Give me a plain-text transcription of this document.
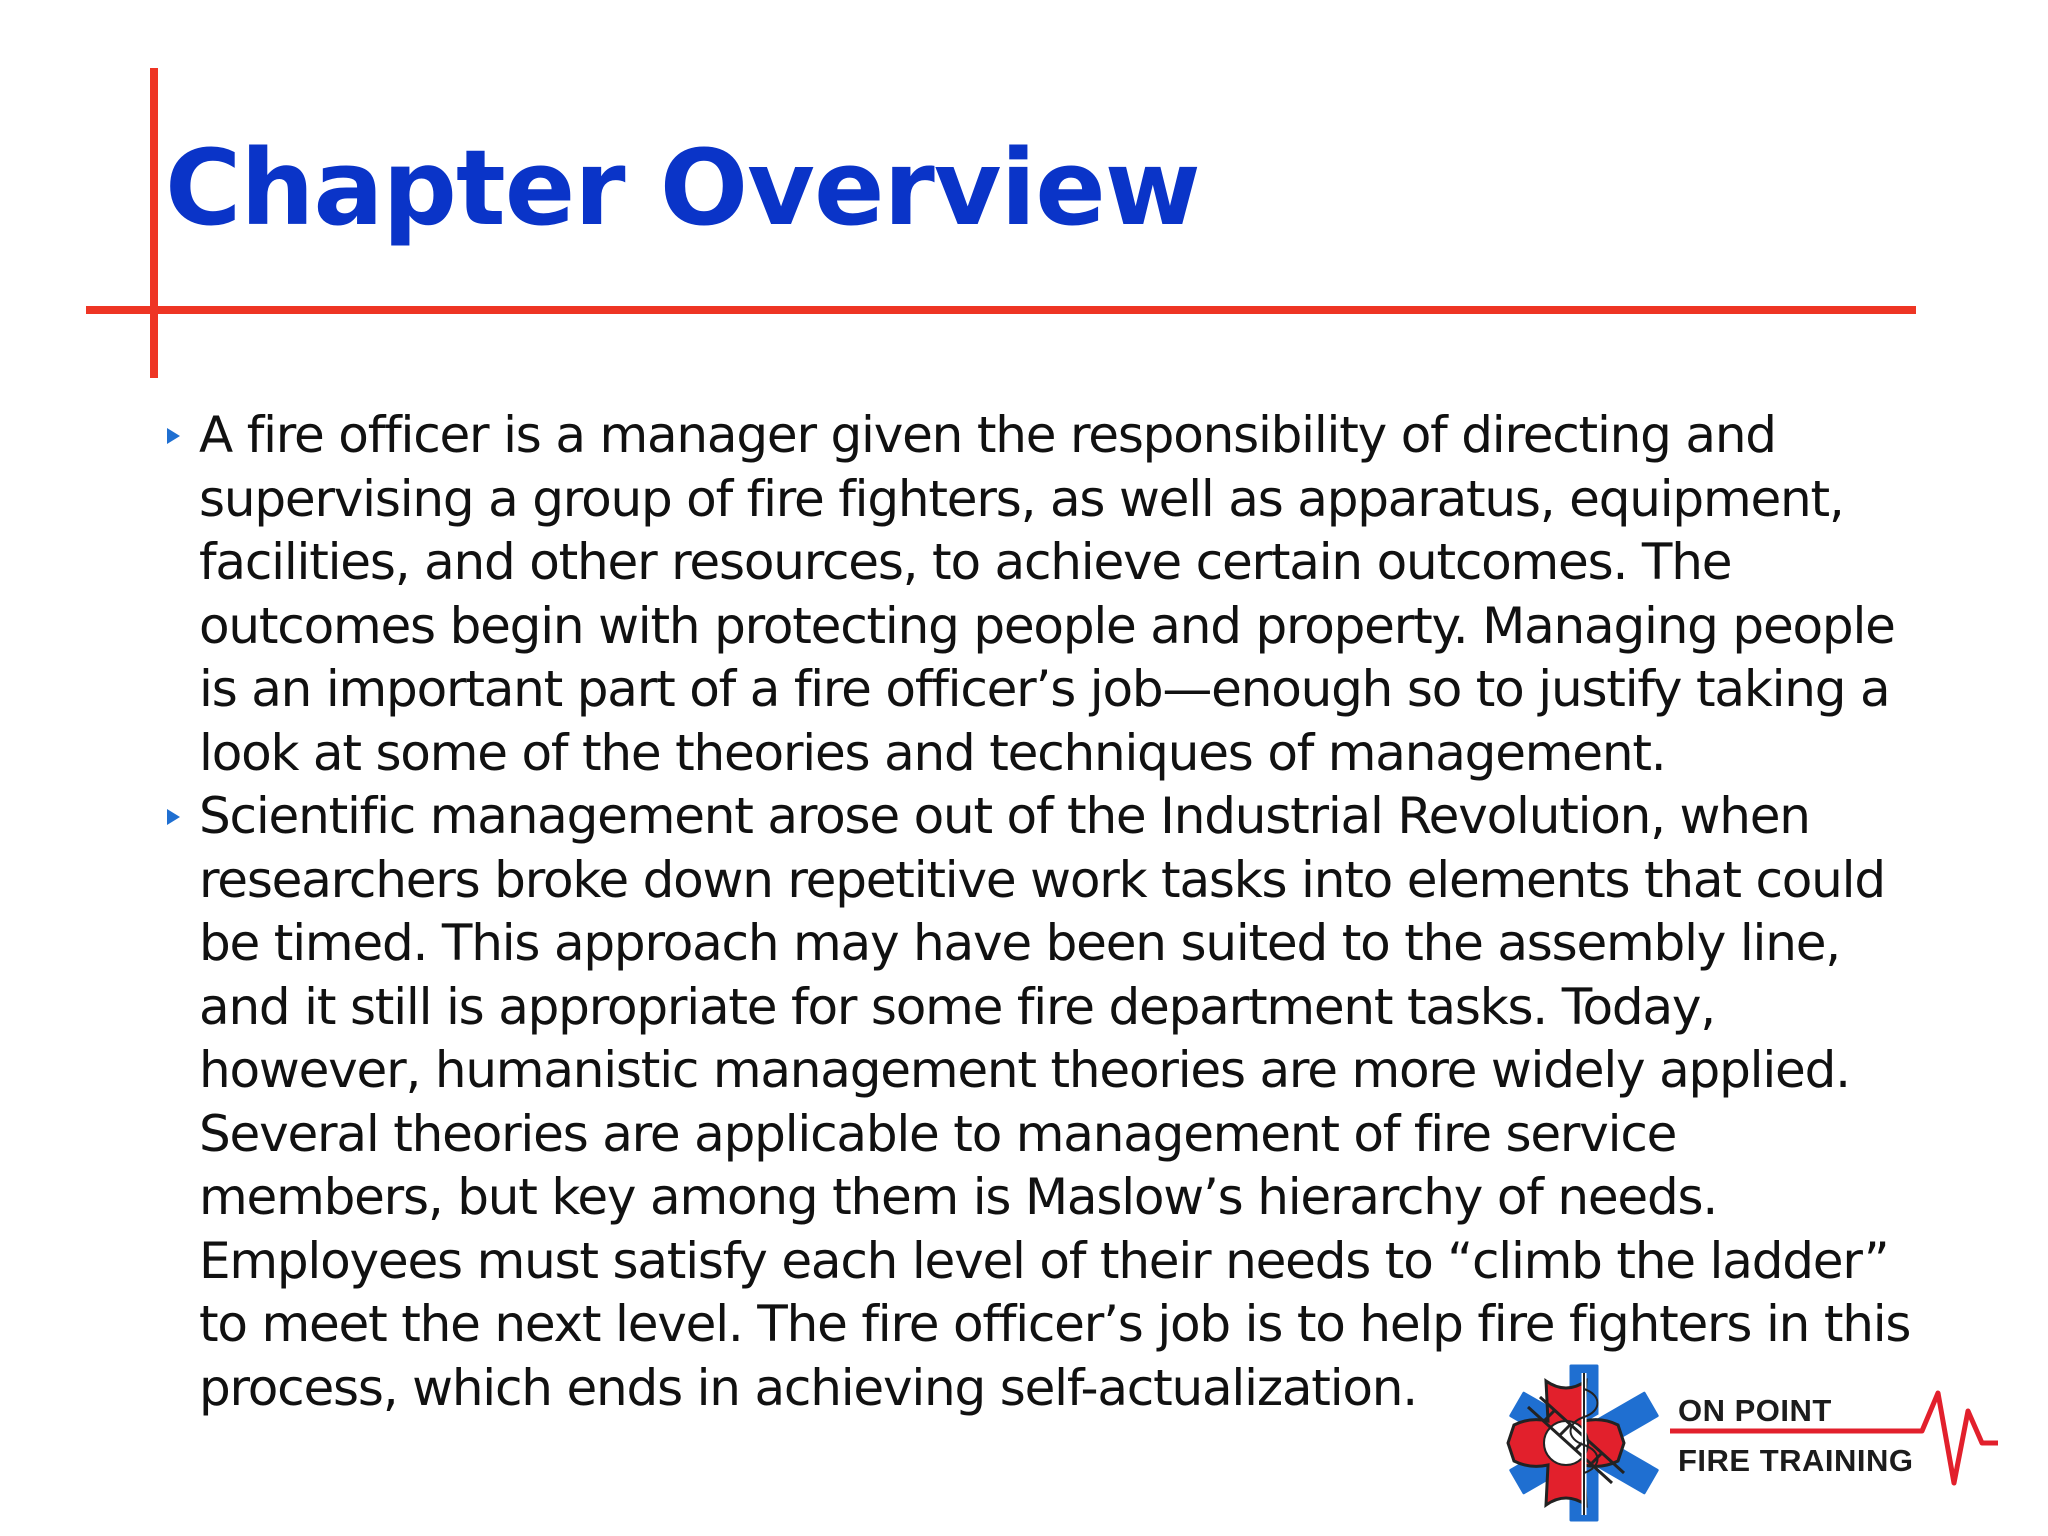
Chapter Overview
A fire officer is a manager given the responsibility of directing and supervising a group of fire fighters, as well as apparatus, equipment, facilities, and other resources, to achieve certain outcomes. The outcomes begin with protecting people and property. Managing people is an important part of a fire officer’s job—enough so to justify taking a look at some of the theories and techniques of management.
Scientific management arose out of the Industrial Revolution, when researchers broke down repetitive work tasks into elements that could be timed. This approach may have been suited to the assembly line, and it still is appropriate for some fire department tasks. Today, however, humanistic management theories are more widely applied. Several theories are applicable to management of fire service members, but key among them is Maslow’s hierarchy of needs. Employees must satisfy each level of their needs to “climb the ladder” to meet the next level. The fire officer’s job is to help fire fighters in this process, which ends in achieving self-actualization.	ON POINT
FIRE TRAINING
